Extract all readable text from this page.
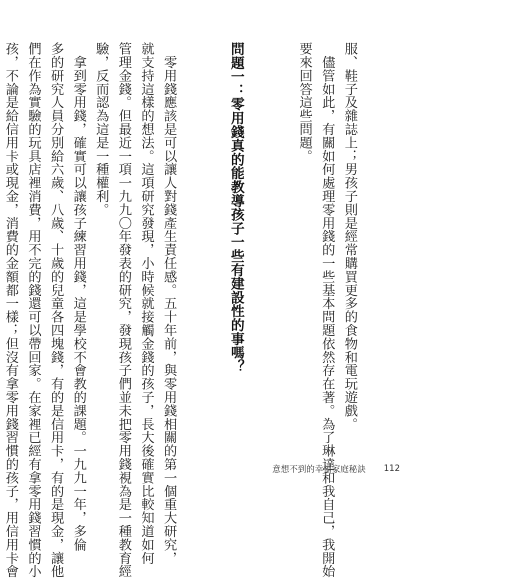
服、鞋子及雜誌上；男孩子則是經常購買更多的食物和電玩遊戲。
　儘管如此，有關如何處理零用錢的一些基本問題依然存在著。為了琳達和我自己，我開始
要來回答這些問題。

問題一：零用錢真的能教導孩子一些有建設性的事嗎？

　零用錢應該是可以讓人對錢產生責任感。五十年前，與零用錢相關的第一個重大研究，
就支持這樣的想法。這項研究發現，小時候就接觸金錢的孩子，長大後確實比較知道如何
管理金錢。但最近一項一九九〇年發表的研究，發現孩子們並未把零用錢視為是一種教育經
驗，反而認為這是一種權利。
　拿到零用錢，確實可以讓孩子練習用錢，這是學校不會教的課題。一九九一年，多倫
多的研究人員分別給六歲、八歲、十歲的兒童各四塊錢，有的是信用卡，有的是現金，讓他
們在作為實驗的玩具店裡消費，用不完的錢還可以帶回家。在家裡已經有拿零用錢習慣的小
孩，不論是給信用卡或現金，消費的金額都一樣；但沒有拿零用錢習慣的孩子，用信用卡會

	意想不到的幸福家庭秘訣 112
